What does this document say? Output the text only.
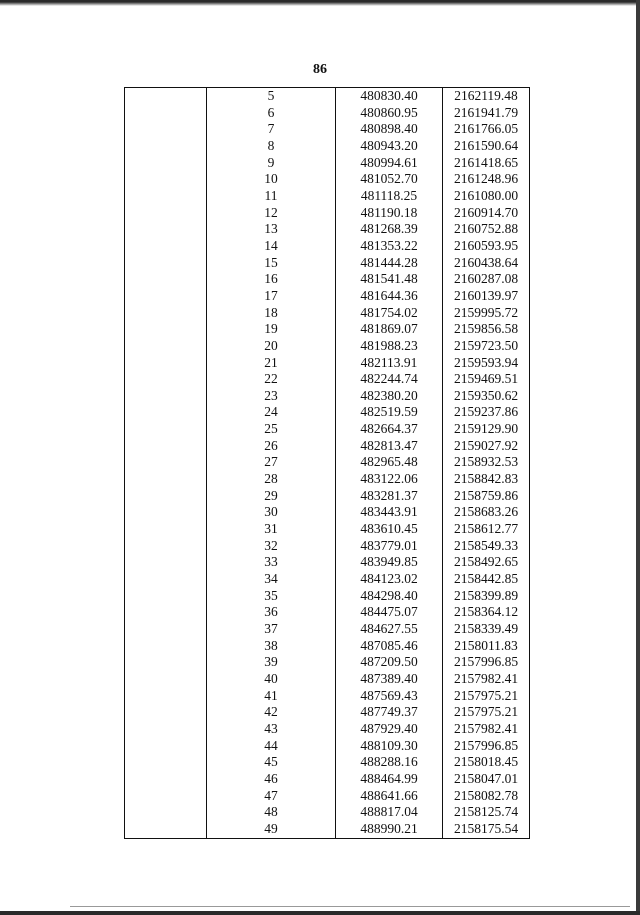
86
	5	480830.40	2162119.48
	6	480860.95	2161941.79
	7	480898.40	2161766.05
	8	480943.20	2161590.64
	9	480994.61	2161418.65
	10	481052.70	2161248.96
	11	481118.25	2161080.00
	12	481190.18	2160914.70
	13	481268.39	2160752.88
	14	481353.22	2160593.95
	15	481444.28	2160438.64
	16	481541.48	2160287.08
	17	481644.36	2160139.97
	18	481754.02	2159995.72
	19	481869.07	2159856.58
	20	481988.23	2159723.50
	21	482113.91	2159593.94
	22	482244.74	2159469.51
	23	482380.20	2159350.62
	24	482519.59	2159237.86
	25	482664.37	2159129.90
	26	482813.47	2159027.92
	27	482965.48	2158932.53
	28	483122.06	2158842.83
	29	483281.37	2158759.86
	30	483443.91	2158683.26
	31	483610.45	2158612.77
	32	483779.01	2158549.33
	33	483949.85	2158492.65
	34	484123.02	2158442.85
	35	484298.40	2158399.89
	36	484475.07	2158364.12
	37	484627.55	2158339.49
	38	487085.46	2158011.83
	39	487209.50	2157996.85
	40	487389.40	2157982.41
	41	487569.43	2157975.21
	42	487749.37	2157975.21
	43	487929.40	2157982.41
	44	488109.30	2157996.85
	45	488288.16	2158018.45
	46	488464.99	2158047.01
	47	488641.66	2158082.78
	48	488817.04	2158125.74
	49	488990.21	2158175.54
